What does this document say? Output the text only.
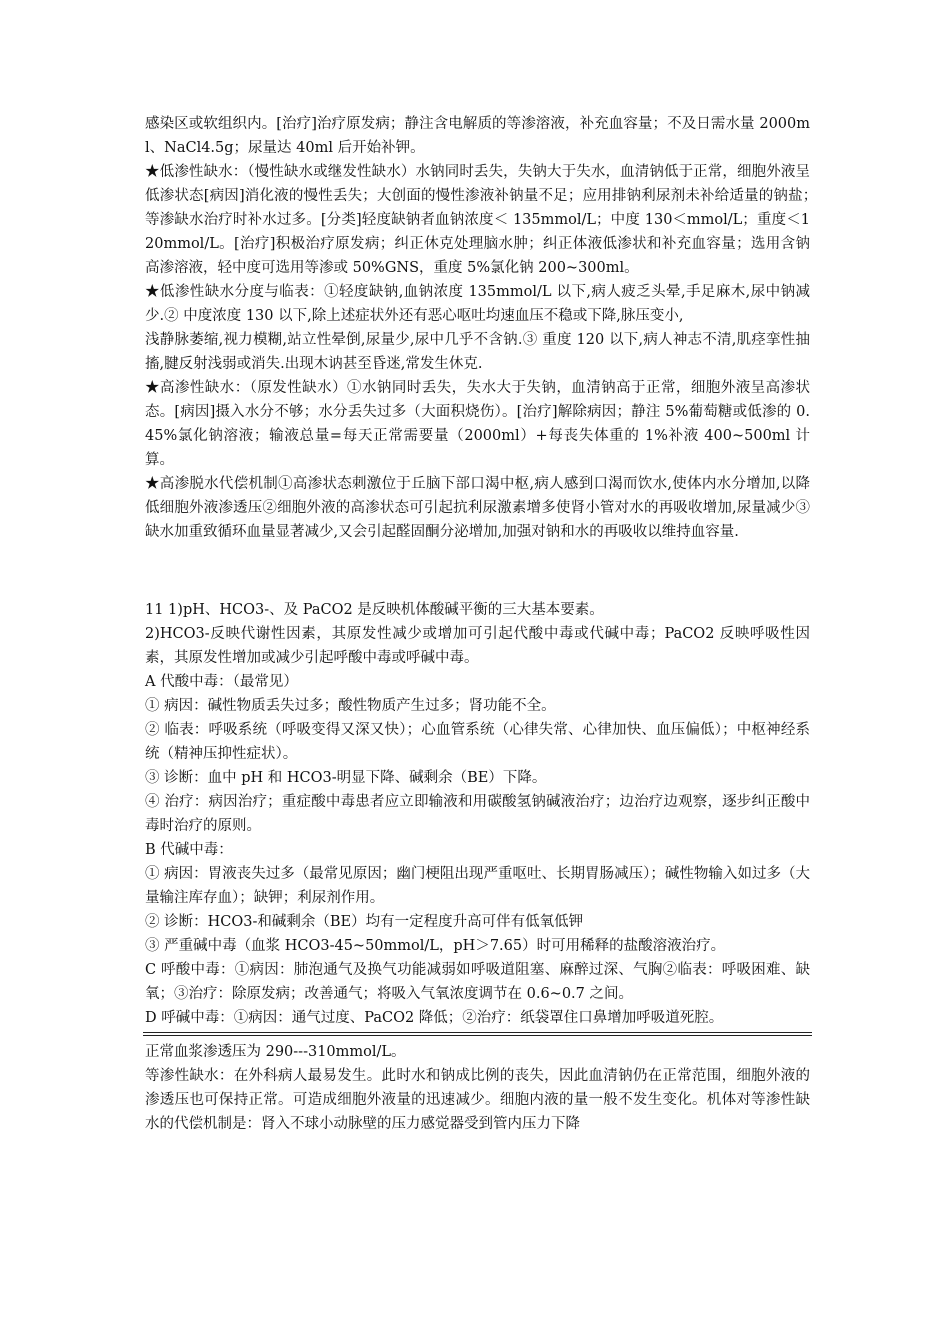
感染区或软组织内。[治疗]治疗原发病；静注含电解质的等渗溶液，补充血容量；不及日需水量 2000ml、NaCl4.5g；尿量达 40ml 后开始补钾。

★低渗性缺水：（慢性缺水或继发性缺水）水钠同时丢失，失钠大于失水，血清钠低于正常，细胞外液呈低渗状态[病因]消化液的慢性丢失；大创面的慢性渗液补钠量不足；应用排钠利尿剂未补给适量的钠盐；　等渗缺水治疗时补水过多。[分类]轻度缺钠者血钠浓度＜ 135mmol/L；中度 130＜mmol/L；重度＜120mmol/L。[治疗]积极治疗原发病；纠正休克处理脑水肿；纠正体液低渗状和补充血容量；选用含钠高渗溶液，轻中度可选用等渗或 50%GNS，重度 5%氯化钠 200~300ml。

★低渗性缺水分度与临表：①轻度缺钠,血钠浓度 135mmol/L 以下,病人疲乏头晕,手足麻木,尿中钠减少.② 中度浓度 130 以下,除上述症状外还有恶心呕吐均速血压不稳或下降,脉压变小,

浅静脉萎缩,视力模糊,站立性晕倒,尿量少,尿中几乎不含钠.③ 重度 120 以下,病人神志不清,肌痉挛性抽搐,腱反射浅弱或消失.出现木讷甚至昏迷,常发生休克.

★高渗性缺水：（原发性缺水）①水钠同时丢失，失水大于失钠，血清钠高于正常，细胞外液呈高渗状态。[病因]摄入水分不够；水分丢失过多（大面积烧伤）。[治疗]解除病因；静注 5%葡萄糖或低渗的 0.45%氯化钠溶液；输液总量=每天正常需要量（2000ml）+每丧失体重的 1%补液 400~500ml 计算。

★高渗脱水代偿机制①高渗状态刺激位于丘脑下部口渴中枢,病人感到口渴而饮水,使体内水分增加,以降低细胞外液渗透压②细胞外液的高渗状态可引起抗利尿激素增多使肾小管对水的再吸收增加,尿量减少③缺水加重致循环血量显著减少,又会引起醛固酮分泌增加,加强对钠和水的再吸收以维持血容量.

11 1)pH、HCO3-、及 PaCO2 是反映机体酸碱平衡的三大基本要素。

2)HCO3-反映代谢性因素，其原发性减少或增加可引起代酸中毒或代碱中毒；PaCO2 反映呼吸性因素，其原发性增加或减少引起呼酸中毒或呼碱中毒。

A 代酸中毒：（最常见）

① 病因：碱性物质丢失过多；酸性物质产生过多；肾功能不全。

② 临表：呼吸系统（呼吸变得又深又快）；心血管系统（心律失常、心律加快、血压偏低）；中枢神经系统（精神压抑性症状）。

③ 诊断：血中 pH 和 HCO3-明显下降、碱剩余（BE）下降。

④ 治疗：病因治疗；重症酸中毒患者应立即输液和用碳酸氢钠碱液治疗；边治疗边观察，逐步纠正酸中毒时治疗的原则。

B 代碱中毒：

① 病因：胃液丧失过多（最常见原因；幽门梗阻出现严重呕吐、长期胃肠减压）；碱性物输入如过多（大量输注库存血）；缺钾；利尿剂作用。

② 诊断：HCO3-和碱剩余（BE）均有一定程度升高可伴有低氧低钾

③ 严重碱中毒（血浆 HCO3-45~50mmol/L，pH＞7.65）时可用稀释的盐酸溶液治疗。

C 呼酸中毒：①病因：肺泡通气及换气功能减弱如呼吸道阻塞、麻醉过深、气胸②临表：呼吸困难、缺氧；③治疗：除原发病；改善通气；将吸入气氧浓度调节在 0.6~0.7 之间。

D 呼碱中毒：①病因：通气过度、PaCO2 降低；②治疗：纸袋罩住口鼻增加呼吸道死腔。

正常血浆渗透压为 290---310mmol/L。

等渗性缺水：在外科病人最易发生。此时水和钠成比例的丧失，因此血清钠仍在正常范围，细胞外液的渗透压也可保持正常。可造成细胞外液量的迅速减少。细胞内液的量一般不发生变化。机体对等渗性缺水的代偿机制是：肾入不球小动脉壁的压力感觉器受到管内压力下降
